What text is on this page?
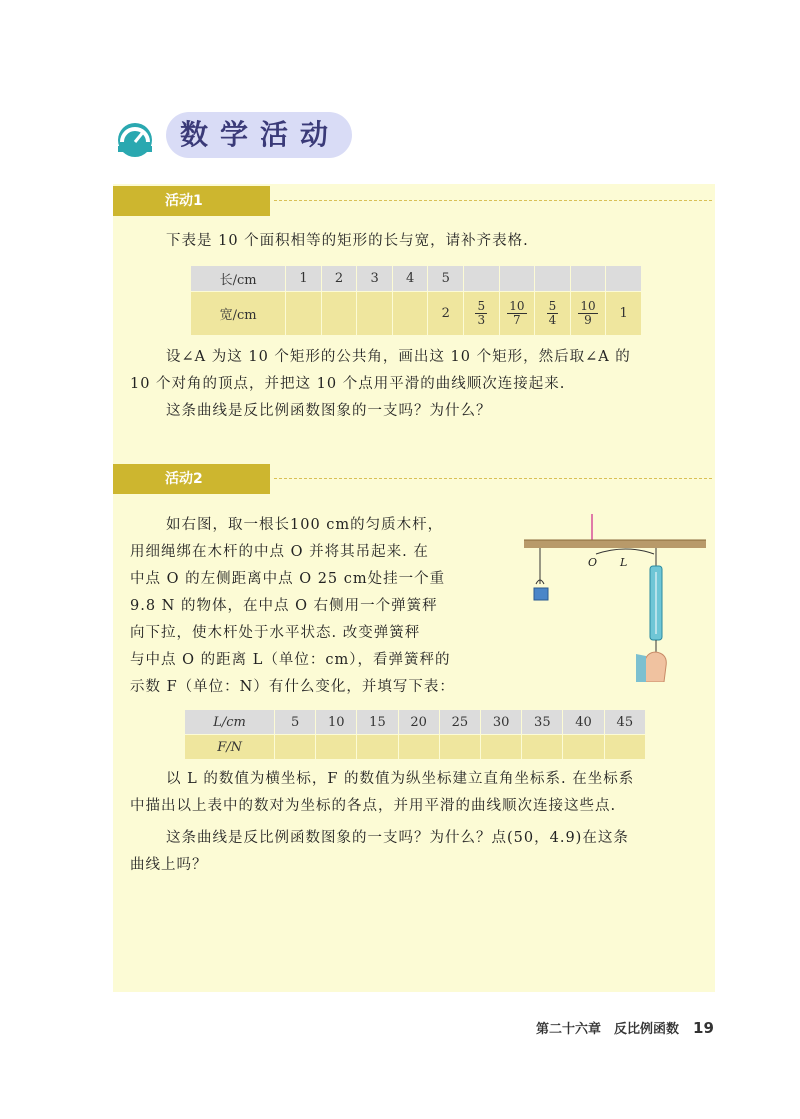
数学活动
活动1

下表是 10 个面积相等的矩形的长与宽，请补齐表格.

长/cm	1	2	3	4	5					
宽/cm					2	$\frac{5}{3}$	$\frac{10}{7}$	$\frac{5}{4}$	$\frac{10}{9}$	1

设∠A 为这 10 个矩形的公共角，画出这 10 个矩形，然后取∠A 的

10 个对角的顶点，并把这 10 个点用平滑的曲线顺次连接起来.

这条曲线是反比例函数图象的一支吗？为什么？

活动2

如右图，取一根长100 cm的匀质木杆，

用细绳绑在木杆的中点 O 并将其吊起来. 在

中点 O 的左侧距离中点 O 25 cm处挂一个重

9.8 N 的物体，在中点 O 右侧用一个弹簧秤

向下拉，使木杆处于水平状态. 改变弹簧秤

与中点 O 的距离 L（单位：cm），看弹簧秤的

示数 F（单位：N）有什么变化，并填写下表：

O L
L/cm	5	10	15	20	25	30	35	40	45
F/N									

以 L 的数值为横坐标，F 的数值为纵坐标建立直角坐标系. 在坐标系

中描出以上表中的数对为坐标的各点，并用平滑的曲线顺次连接这些点.

这条曲线是反比例函数图象的一支吗？为什么？点(50，4.9)在这条

曲线上吗？

第二十六章　反比例函数 19
